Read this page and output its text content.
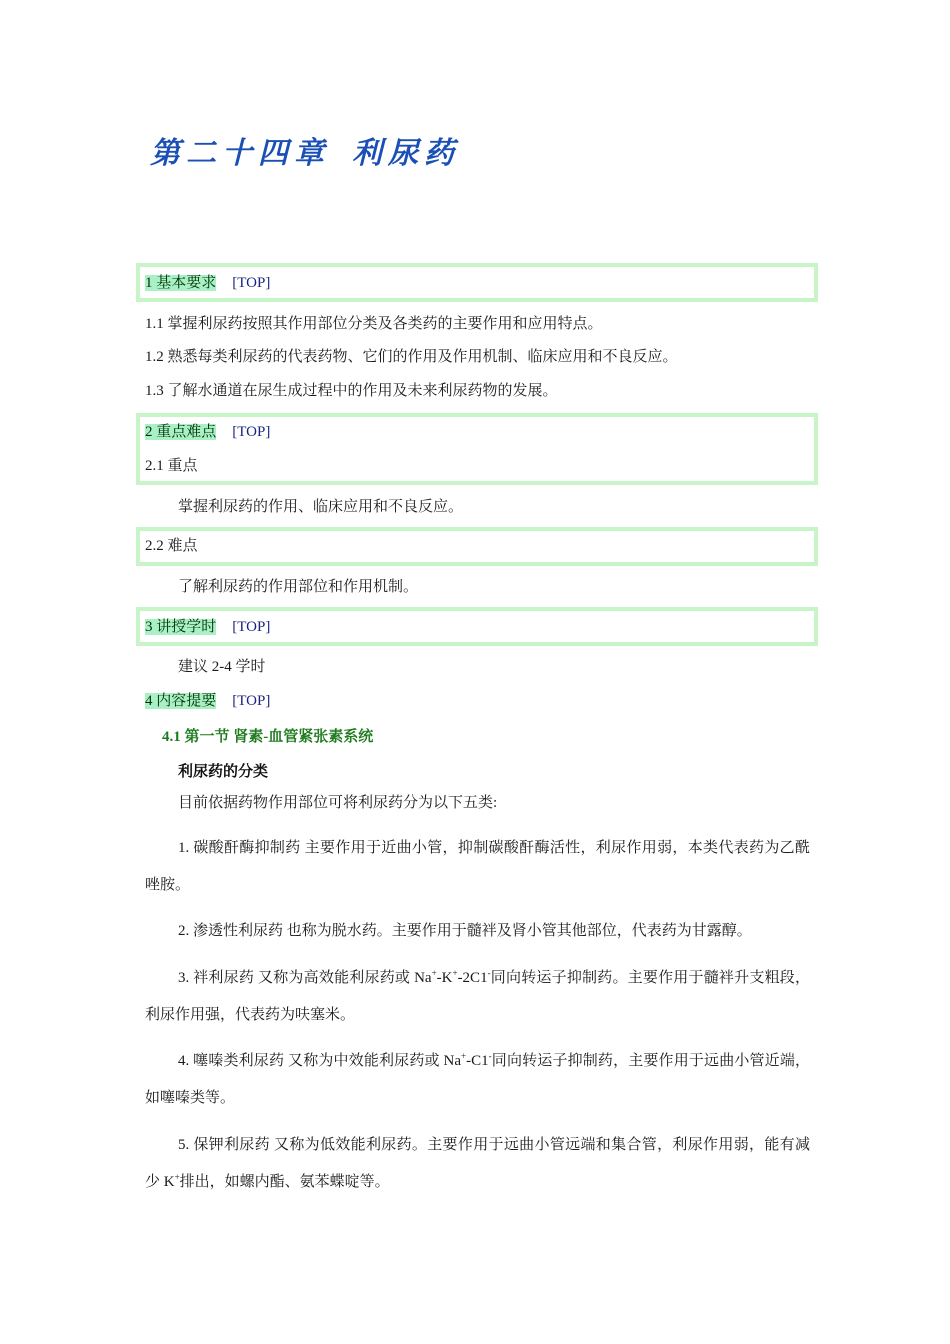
第二十四章 利尿药
1 基本要求 [TOP]
1.1 掌握利尿药按照其作用部位分类及各类药的主要作用和应用特点。
1.2 熟悉每类利尿药的代表药物、它们的作用及作用机制、临床应用和不良反应。
1.3 了解水通道在尿生成过程中的作用及未来利尿药物的发展。
2 重点难点 [TOP]
2.1 重点
掌握利尿药的作用、临床应用和不良反应。
2.2 难点
了解利尿药的作用部位和作用机制。
3 讲授学时 [TOP]
建议 2-4 学时
4 内容提要 [TOP]
4.1 第一节 肾素-血管紧张素系统
利尿药的分类
目前依据药物作用部位可将利尿药分为以下五类:
1. 碳酸酐酶抑制药 主要作用于近曲小管，抑制碳酸酐酶活性，利尿作用弱，本类代表药为乙酰唑胺。
2. 渗透性利尿药 也称为脱水药。主要作用于髓袢及肾小管其他部位，代表药为甘露醇。
3. 袢利尿药 又称为高效能利尿药或 Na+-K+-2C1-同向转运子抑制药。主要作用于髓袢升支粗段，利尿作用强，代表药为呋塞米。
4. 噻嗪类利尿药 又称为中效能利尿药或 Na+-C1-同向转运子抑制药，主要作用于远曲小管近端，如噻嗪类等。
5. 保钾利尿药 又称为低效能利尿药。主要作用于远曲小管远端和集合管，利尿作用弱，能有减少 K+排出，如螺内酯、氨苯蝶啶等。
